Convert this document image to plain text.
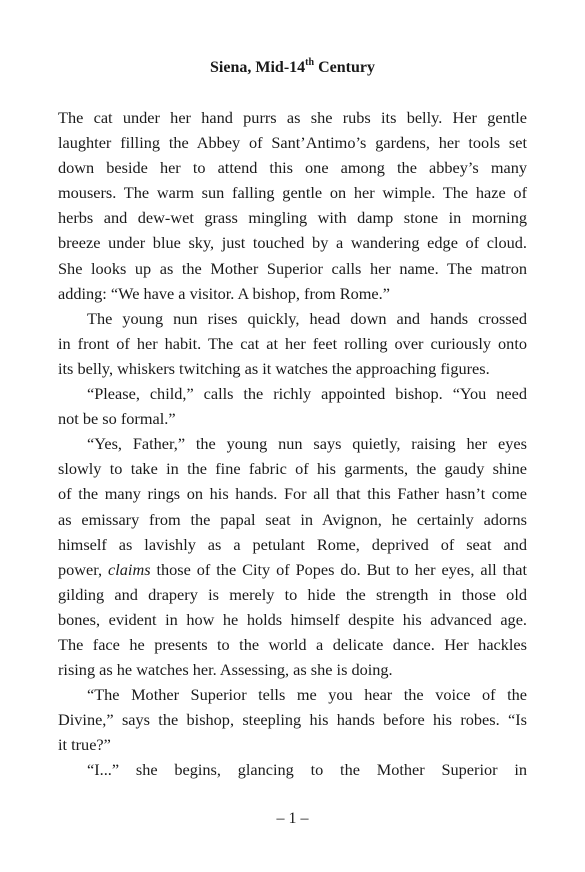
Siena, Mid-14th Century

The cat under her hand purrs as she rubs its belly. Her gentle

laughter filling the Abbey of Sant’Antimo’s gardens, her tools set

down beside her to attend this one among the abbey’s many

mousers. The warm sun falling gentle on her wimple. The haze of

herbs and dew-wet grass mingling with damp stone in morning

breeze under blue sky, just touched by a wandering edge of cloud.

She looks up as the Mother Superior calls her name. The matron

adding: “We have a visitor. A bishop, from Rome.”

The young nun rises quickly, head down and hands crossed

in front of her habit. The cat at her feet rolling over curiously onto

its belly, whiskers twitching as it watches the approaching figures.

“Please, child,” calls the richly appointed bishop. “You need

not be so formal.”

“Yes, Father,” the young nun says quietly, raising her eyes

slowly to take in the fine fabric of his garments, the gaudy shine

of the many rings on his hands. For all that this Father hasn’t come

as emissary from the papal seat in Avignon, he certainly adorns

himself as lavishly as a petulant Rome, deprived of seat and

power, claims those of the City of Popes do. But to her eyes, all that

gilding and drapery is merely to hide the strength in those old

bones, evident in how he holds himself despite his advanced age.

The face he presents to the world a delicate dance. Her hackles

rising as he watches her. Assessing, as she is doing.

“The Mother Superior tells me you hear the voice of the

Divine,” says the bishop, steepling his hands before his robes. “Is

it true?”

“I...” she begins, glancing to the Mother Superior in

– 1 –
